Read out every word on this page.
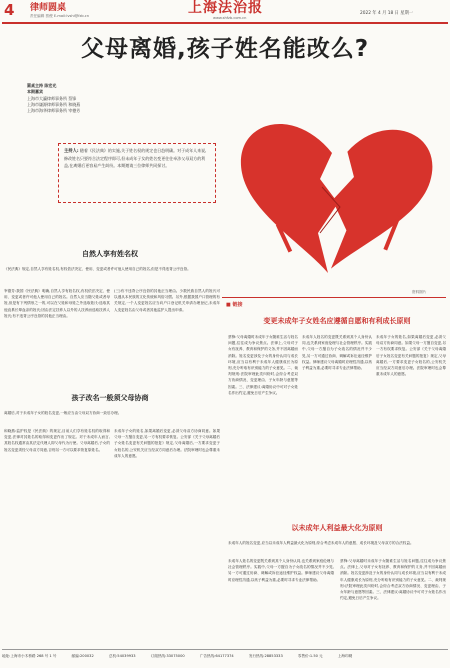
4 律师圆桌
责任编辑 蔡俊 E-mail:lvshi@fzb.cn	上海法治报
www.shfzb.com.cn
2022 年 4 月 18 日 星期一
父母离婚,孩子姓名能改么?
圆桌主持 陈宏光
本期嘉宾
上海市大瀛律师事务所 蔡锋
上海市谦源律师事务所 和晓燕
上海市海华律师事务所 宰德芳
主持人: 随着《民法典》的实施,关于姓名权的规定也日趋明确。对于成年人来说,修改姓名只要符合法定程序即可,但未成年子女的姓名变更往往牵涉父母双方的利益,在离婚后更容易产生纠纷。本期邀请三位律师共同探讨。
资料图片
自然人享有姓名权
《民法典》规定,自然人享有姓名权,有权依法决定、使用、变更或者许可他人使用自己的姓名,但是不得违背公序良俗。
宰德芳:我国《民法典》明确,自然人享有姓名权,有权依法决定、使用、变更或者许可他人使用自己的姓名。自然人应当随父姓或者母姓,但是有下列情形之一的,可以在父姓和母姓之外选取姓氏:选取其他直系长辈血亲的姓氏;因由法定扶养人以外的人扶养而选取扶养人姓氏;有不违背公序良俗的其他正当理由。
(三)有不违背公序良俗的其他正当理由。少数民族自然人的姓氏可以遵从本民族的文化传统和风俗习惯。另外,根据我国户口管理的有关规定,一个人变更姓名应当向户口登记机关申请办理登记,未成年人变更姓名由父母或者其他监护人提出申请。
孩子改名一般须父母协商
离婚后,对于未成年子女的姓名变更,一般应当由父母双方协商一致后办理。
和晓燕:监护权是《民法典》的规定,目前人们享有姓名权的取得和变更,法律对其姓名的取得和变更作出了规定。对于未成年人而言,其姓名权通常由其法定代理人即父母代为行使。父母离婚后,子女的姓名变更须经父母双方同意,否则另一方可以要求恢复原姓名。
未成年子女的姓名,如果离婚后变更,必须父母双方协商同意。如果父母一方擅自变更,另一方有权要求恢复。公安部《关于父母离婚后子女姓名变更有关问题的批复》规定,父母离婚后,一方要求变更子女姓名的,公安机关应当经双方同意后办理。法院审理时也会尊重未成年人的意愿。
■ 链接
变更未成年子女姓名应遵循自愿和有利成长原则
蔡锋:父母离婚时未成年子女随谁生活与姓名问题,往往成为争议焦点。法律上,父母对子女有抚养、教育和保护的义务,并不因离婚而消除。姓名变更涉及子女的身份认同与成长环境,应当以有利于未成年人健康成长为原则,充分听取有识别能力的子女意见。二、裁判规则:法院审理此类纠纷时,会综合考虑双方协商情况、变更理由、子女年龄与意愿等因素。三、法律建议:离婚协议中可对子女姓名作出约定,避免日后产生争议。
未成年人姓名的变更既关系到其个人身份认同,也关系到家庭伦理与社会管理秩序。实践中,父母一方擅自为子女改名的情况并不少见,另一方可通过协商、调解或诉讼途径维护权益。律师建议父母离婚时应理性沟通,以孩子利益为重,必要时寻求专业法律帮助。
未成年子女的姓名,如果离婚后变更,必须父母双方协商同意。如果父母一方擅自变更,另一方有权要求恢复。公安部《关于父母离婚后子女姓名变更有关问题的批复》规定,父母离婚后,一方要求变更子女姓名的,公安机关应当经双方同意后办理。法院审理时也会尊重未成年人的意愿。
以未成年人利益最大化为原则
未成年人的姓名变更,应当以未成年人利益最大化为原则,综合考虑未成年人的意愿、成长环境及父母双方的合法权益。
未成年人姓名的变更既关系到其个人身份认同,也关系到家庭伦理与社会管理秩序。实践中,父母一方擅自为子女改名的情况并不少见,另一方可通过协商、调解或诉讼途径维护权益。律师建议父母离婚时应理性沟通,以孩子利益为重,必要时寻求专业法律帮助。
蔡锋:父母离婚时未成年子女随谁生活与姓名问题,往往成为争议焦点。法律上,父母对子女有抚养、教育和保护的义务,并不因离婚而消除。姓名变更涉及子女的身份认同与成长环境,应当以有利于未成年人健康成长为原则,充分听取有识别能力的子女意见。二、裁判规则:法院审理此类纠纷时,会综合考虑双方协商情况、变更理由、子女年龄与意愿等因素。三、法律建议:离婚协议中可对子女姓名作出约定,避免日后产生争议。
地址:上海市小木桥路 268 号 1 号	邮编:200032	总机:54039933	订阅热线:33075000	广告热线:64177374	发行热线:28853333	零售价:1.50 元	上海印刷
